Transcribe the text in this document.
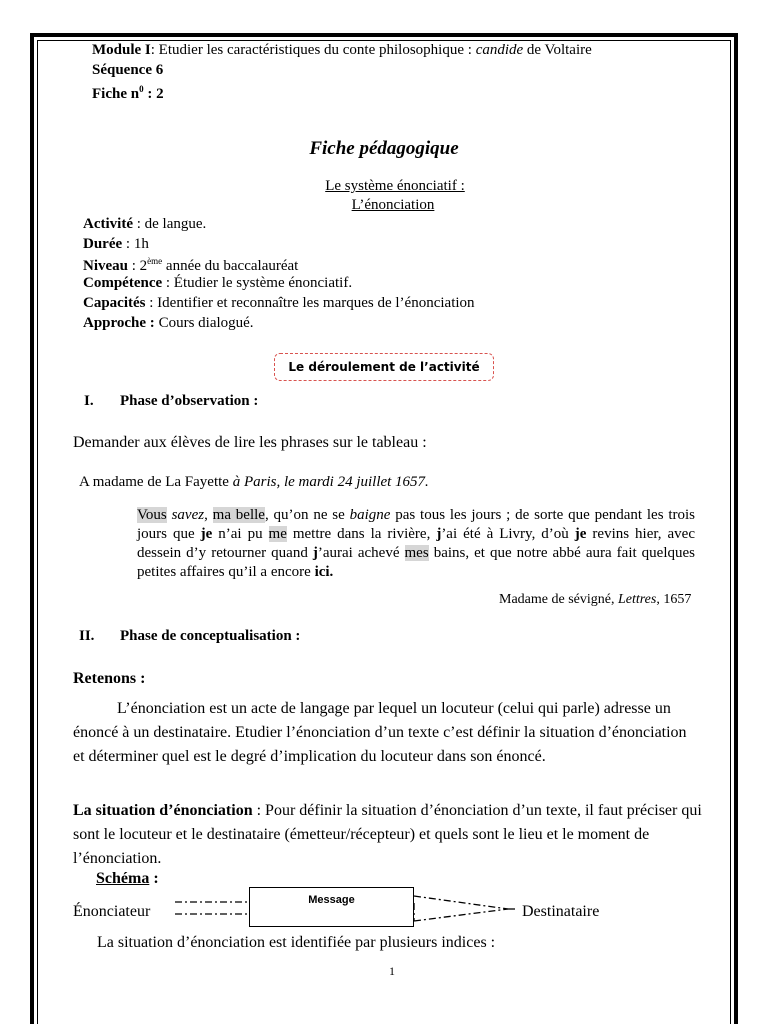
Module I: Etudier les caractéristiques du conte philosophique : candide de Voltaire
Séquence 6
Fiche $n^0$ : 2
Fiche pédagogique
Le système énonciatif :
L’énonciation
Activité : de langue.
Durée : 1h
Niveau : 2ème année du baccalauréat
Compétence : Étudier le système énonciatif.
Capacités : Identifier et reconnaître les marques de l’énonciation
Approche : Cours dialogué.
Le déroulement de l’activité
I. Phase d’observation :
Demander aux élèves de lire les phrases sur le tableau :
A madame de La Fayette à Paris, le mardi 24 juillet 1657.
Vous savez, ma belle, qu’on ne se baigne pas tous les jours ; de sorte que pendant les trois jours que je n’ai pu me mettre dans la rivière, j’ai été à Livry, d’où je revins hier, avec dessein d’y retourner quand j’aurai achevé mes bains, et que notre abbé aura fait quelques petites affaires qu’il a encore ici.
Madame de sévigné, Lettres, 1657
II. Phase de conceptualisation :
Retenons :
L’énonciation est un acte de langage par lequel un locuteur (celui qui parle) adresse un énoncé à un destinataire. Etudier l’énonciation d’un texte c’est définir la situation d’énonciation et déterminer quel est le degré d’implication du locuteur dans son énoncé.
La situation d’énonciation : Pour définir la situation d’énonciation d’un texte, il faut préciser qui sont le locuteur et le destinataire (émetteur/récepteur) et quels sont le lieu et le moment de l’énonciation.
Schéma :
Énonciateur
Message
Destinataire
La situation d’énonciation est identifiée par plusieurs indices :
1
